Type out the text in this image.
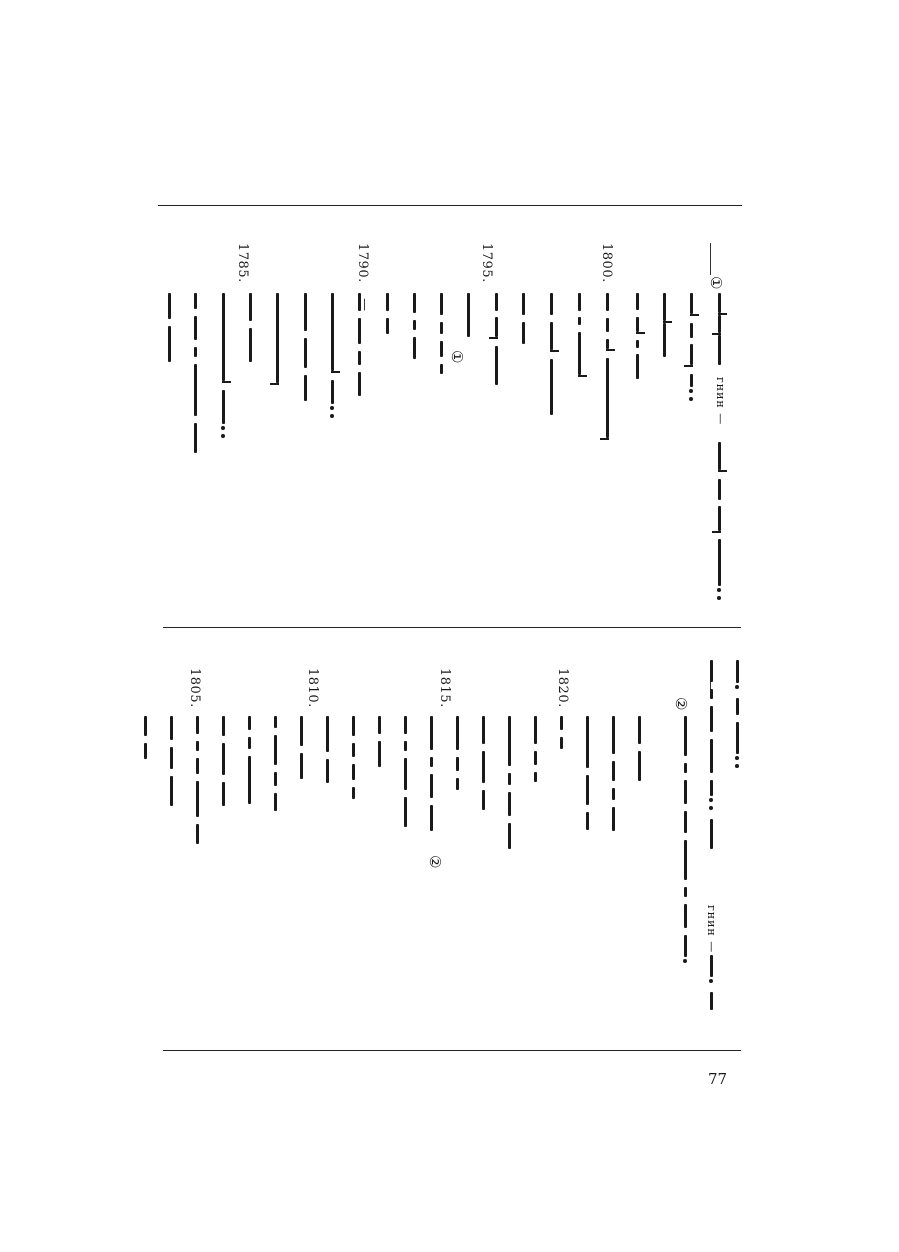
①
гнин —
1800.
1795.
①
1790.
—
1785.
гнин —
②
1820.
1815.
②
1810.
1805.
77
